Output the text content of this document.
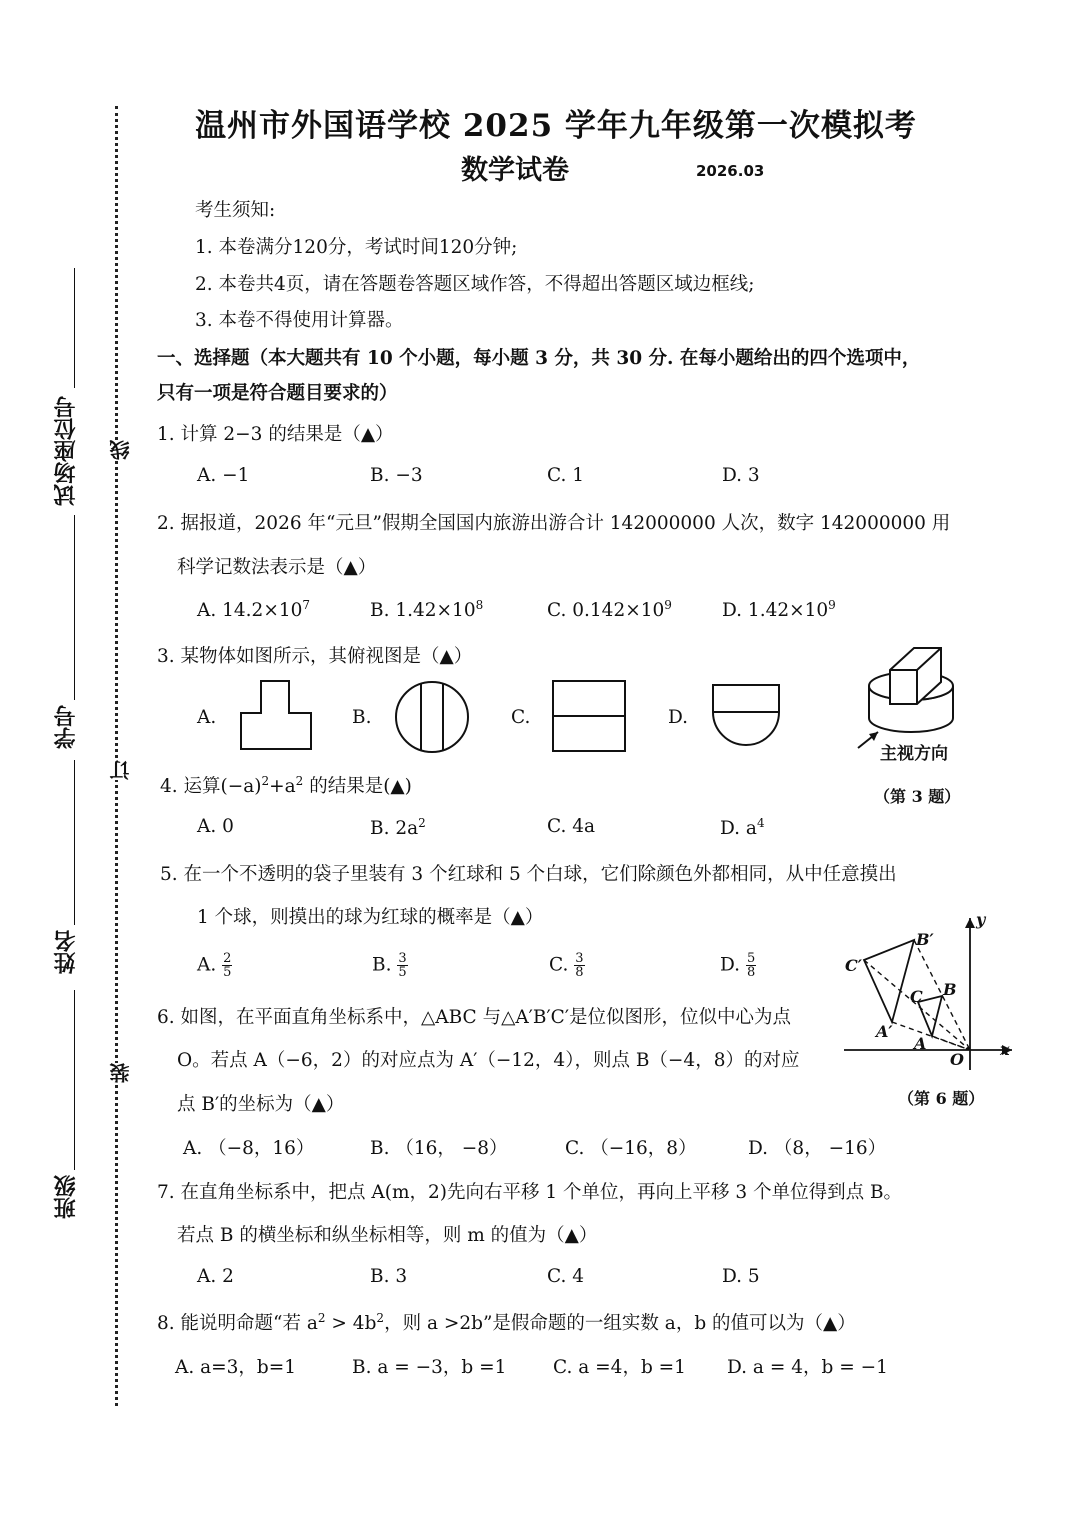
温州市外国语学校 2025 学年九年级第一次模拟考
数学试卷	2026.03
线
订
装
试场座位号
学号
姓名
班级
考生须知:
1. 本卷满分120分，考试时间120分钟;
2. 本卷共4页，请在答题卷答题区域作答，不得超出答题区域边框线;
3. 本卷不得使用计算器。
一、选择题（本大题共有 10 个小题，每小题 3 分，共 30 分. 在每小题给出的四个选项中，
只有一项是符合题目要求的）
1. 计算 2−3 的结果是（▲）
A. −1	B. −3	C. 1	D. 3
2. 据报道，2026 年“元旦”假期全国国内旅游出游合计 142000000 人次，数字 142000000 用
科学记数法表示是（▲）
A. $14.2\times 10^7$	B. $1.42\times 10^8$	C. $0.142\times 10^9$	D. $1.42\times 10^9$
3. 某物体如图所示，其俯视图是（▲）
A.	B.	C.	D.
主视方向
（第 3 题）
4. 运算$(-a)^2+a^2$ 的结果是(▲)
A. 0	B. $2a^2$	C. 4a	D. $a^4$
5. 在一个不透明的袋子里装有 3 个红球和 5 个白球，它们除颜色外都相同，从中任意摸出
1 个球，则摸出的球为红球的概率是（▲）
A. $\frac{2}{5}$	B. $\frac{3}{5}$	C. $\frac{3}{8}$	D. $\frac{5}{8}$
B′
C′
C B
A′
A
O
x
y
（第 6 题）
6. 如图，在平面直角坐标系中，△ABC 与△A′B′C′是位似图形，位似中心为点
O。若点 A（−6，2）的对应点为 A′（−12，4），则点 B（−4，8）的对应
点 B′的坐标为（▲）
A. （−8，16）	B. （16， −8）	C. （−16，8）	D. （8， −16）
7. 在直角坐标系中，把点 A(m，2)先向右平移 1 个单位，再向上平移 3 个单位得到点 B。
若点 B 的横坐标和纵坐标相等，则 m 的值为（▲）
A. 2	B. 3	C. 4	D. 5
8. 能说明命题“若 $a^2 > 4b^2$，则 a >2b”是假命题的一组实数 a，b 的值可以为（▲）
A. a=3，b=1	B. a = −3，b =1	C. a =4，b =1 D. a = 4，b = −1
